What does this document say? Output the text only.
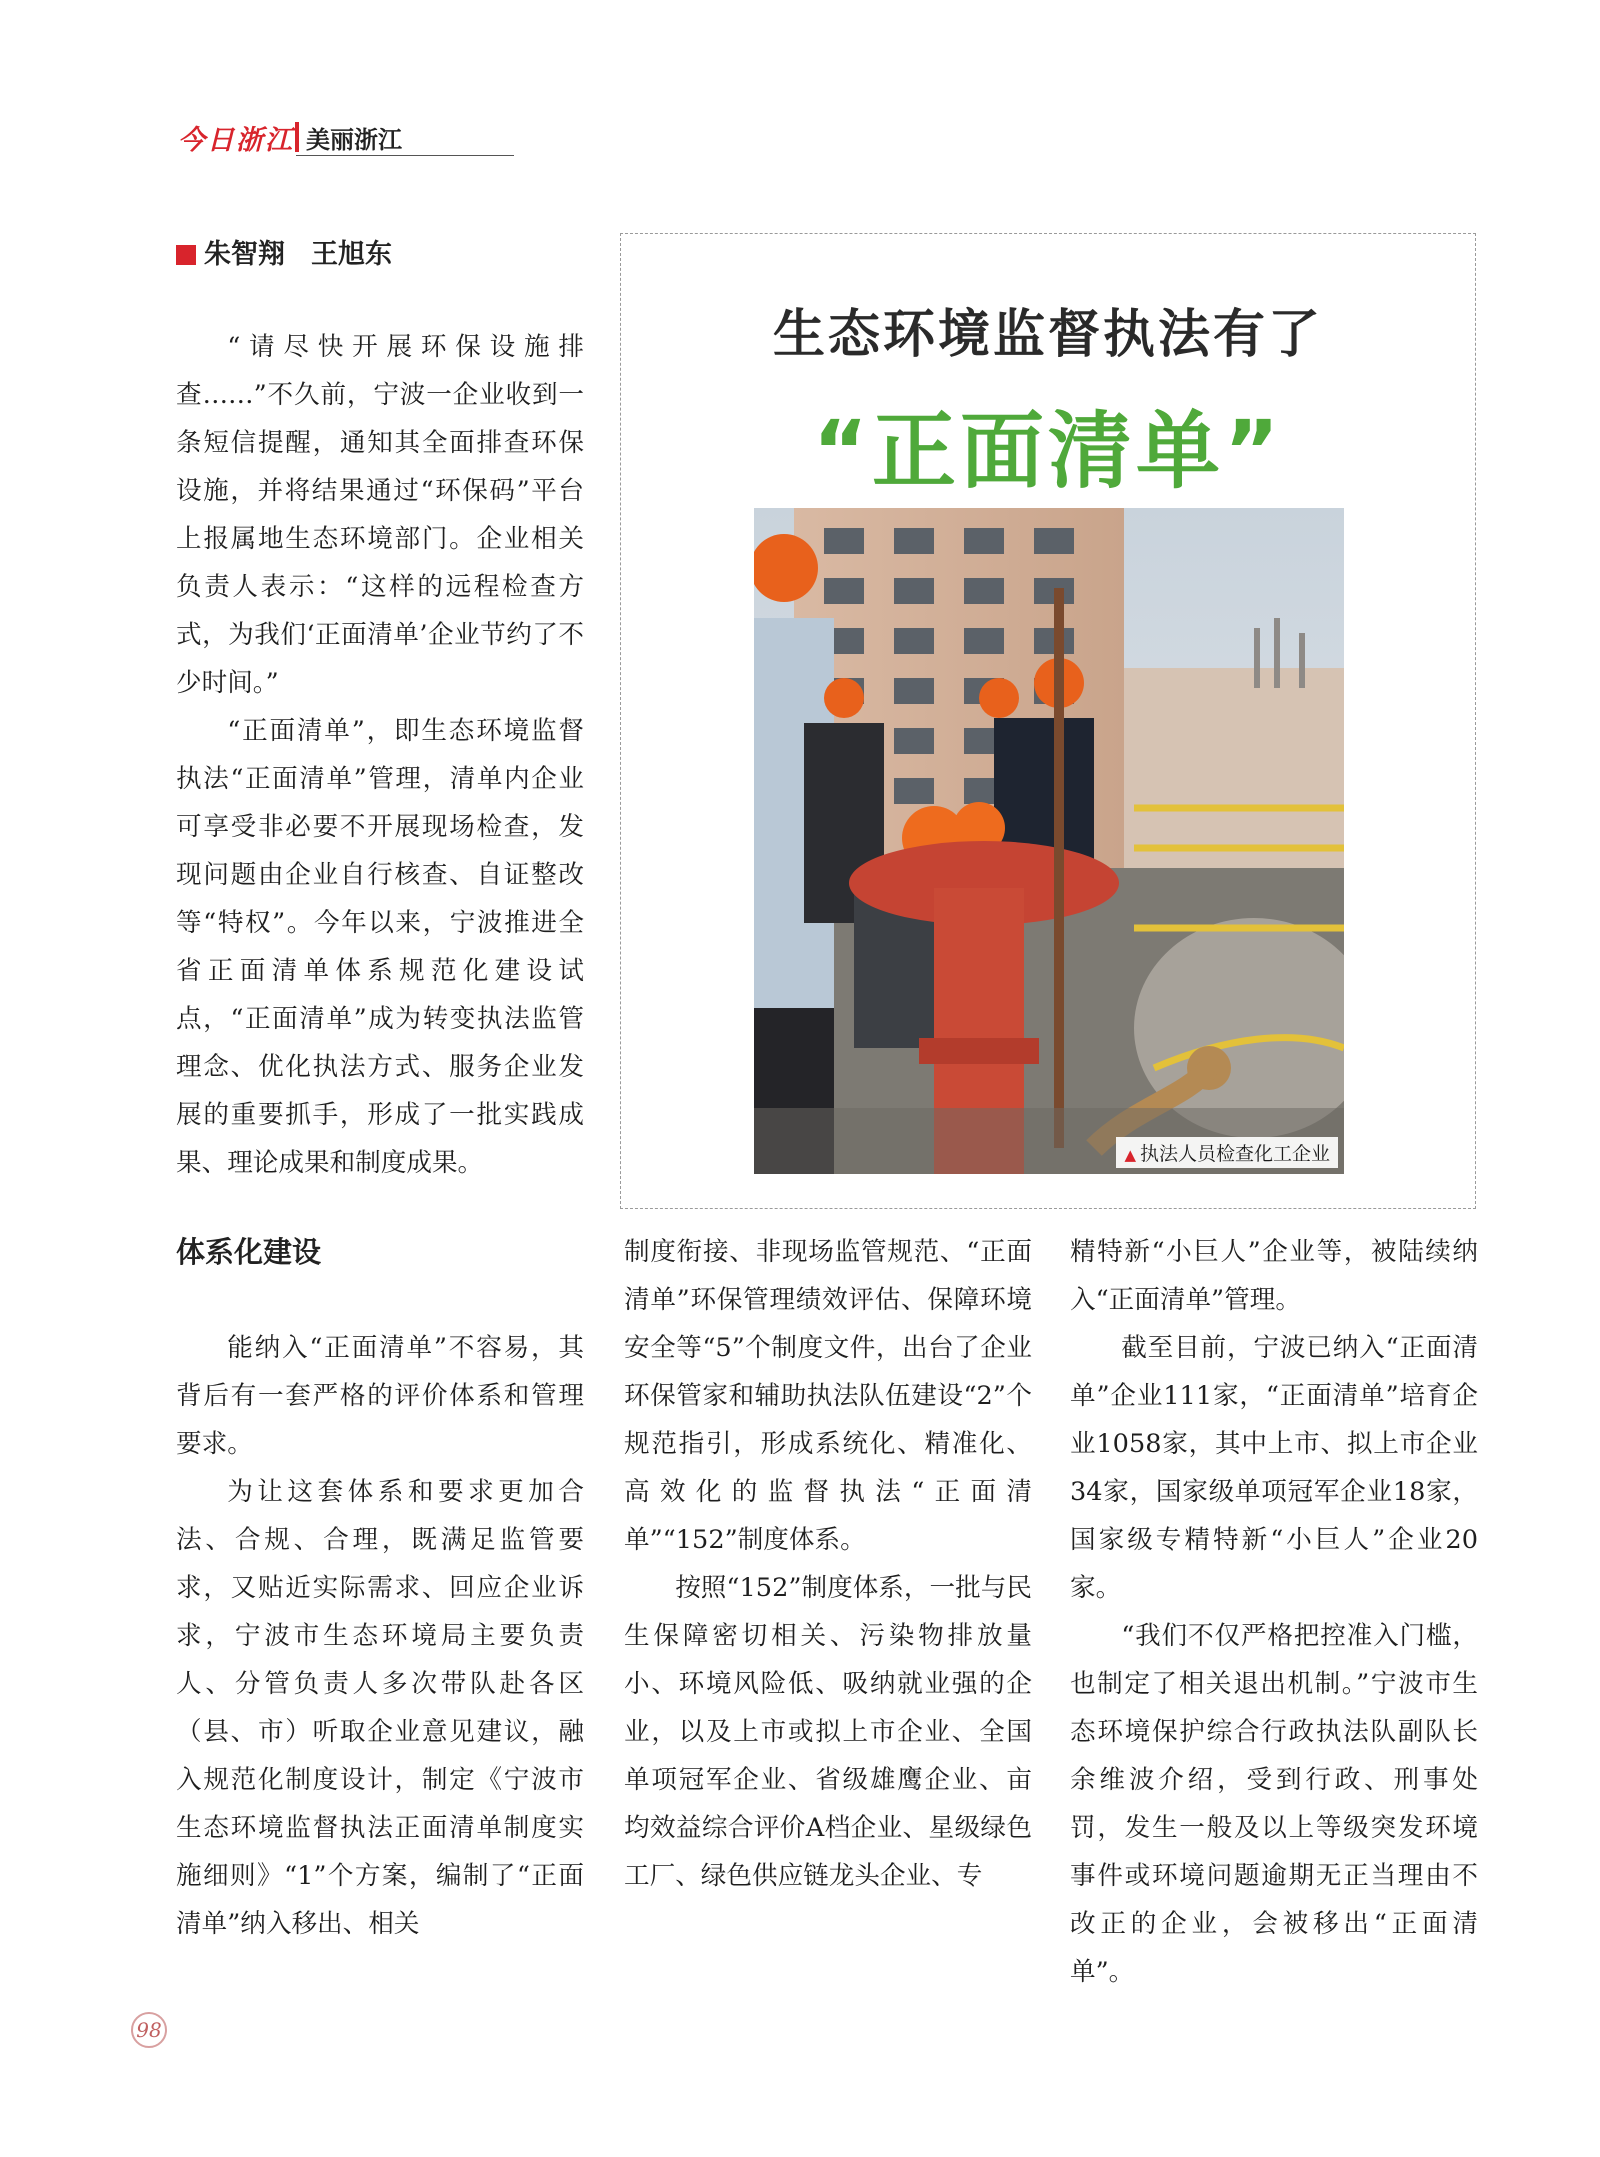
今日浙江 美丽浙江
朱智翔 王旭东
生态环境监督执法有了
“正面清单”
▲ 执法人员检查化工企业

“请尽快开展环保设施排查……”不久前，宁波一企业收到一条短信提醒，通知其全面排查环保设施，并将结果通过“环保码”平台上报属地生态环境部门。企业相关负责人表示：“这样的远程检查方式，为我们‘正面清单’企业节约了不少时间。”

“正面清单”，即生态环境监督执法“正面清单”管理，清单内企业可享受非必要不开展现场检查，发现问题由企业自行核查、自证整改等“特权”。今年以来，宁波推进全省正面清单体系规范化建设试点，“正面清单”成为转变执法监管理念、优化执法方式、服务企业发展的重要抓手，形成了一批实践成果、理论成果和制度成果。

体系化建设

能纳入“正面清单”不容易，其背后有一套严格的评价体系和管理要求。

为让这套体系和要求更加合法、合规、合理，既满足监管要求，又贴近实际需求、回应企业诉求，宁波市生态环境局主要负责人、分管负责人多次带队赴各区（县、市）听取企业意见建议，融入规范化制度设计，制定《宁波市生态环境监督执法正面清单制度实施细则》“1”个方案，编制了“正面清单”纳入移出、相关

制度衔接、非现场监管规范、“正面清单”环保管理绩效评估、保障环境安全等“5”个制度文件，出台了企业环保管家和辅助执法队伍建设“2”个规范指引，形成系统化、精准化、高效化的监督执法“正面清单”“152”制度体系。

按照“152”制度体系，一批与民生保障密切相关、污染物排放量小、环境风险低、吸纳就业强的企业，以及上市或拟上市企业、全国单项冠军企业、省级雄鹰企业、亩均效益综合评价A档企业、星级绿色工厂、绿色供应链龙头企业、专

精特新“小巨人”企业等，被陆续纳入“正面清单”管理。

截至目前，宁波已纳入“正面清单”企业111家，“正面清单”培育企业1058家，其中上市、拟上市企业34家，国家级单项冠军企业18家，国家级专精特新“小巨人”企业20家。

“我们不仅严格把控准入门槛，也制定了相关退出机制。”宁波市生态环境保护综合行政执法队副队长余维波介绍，受到行政、刑事处罚，发生一般及以上等级突发环境事件或环境问题逾期无正当理由不改正的企业，会被移出“正面清单”。

98
